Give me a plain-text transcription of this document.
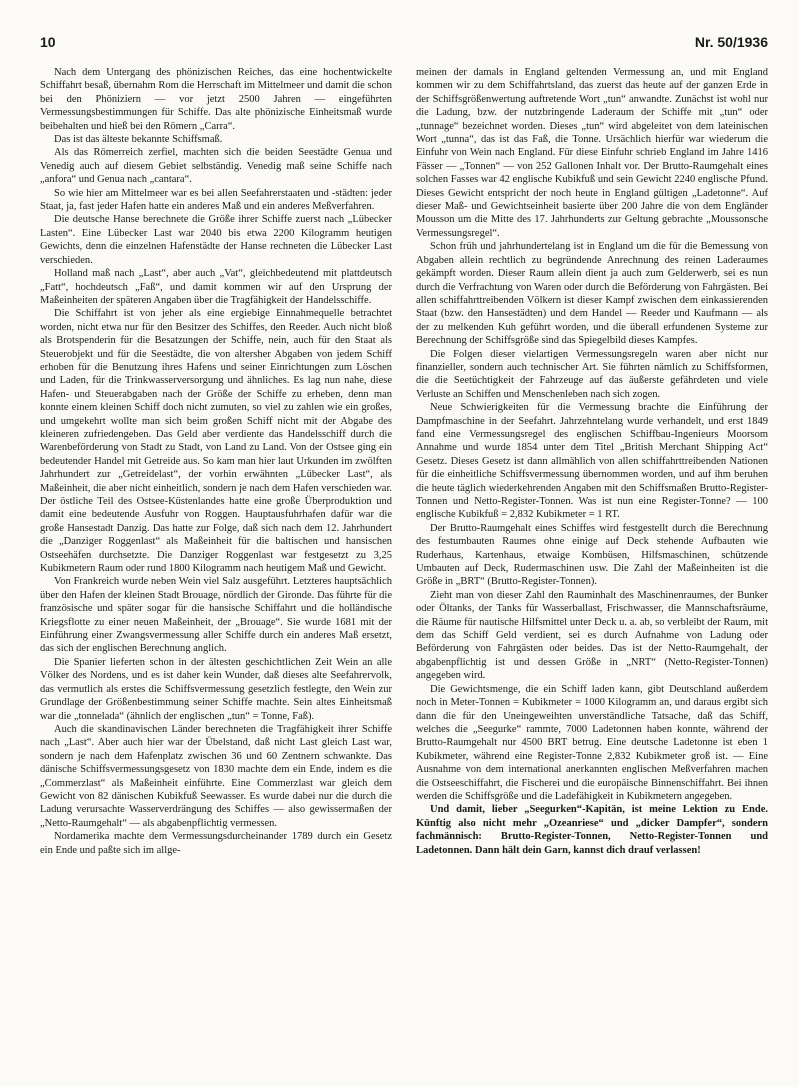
10	Nr. 50/1936

Nach dem Untergang des phönizischen Reiches, das eine hochentwickelte Schiffahrt besaß, übernahm Rom die Herrschaft im Mittelmeer und damit die schon bei den Phöniziern — vor jetzt 2500 Jahren — eingeführten Vermessungsbestimmungen für Schiffe. Das alte phönizische Einheitsmaß wurde beibehalten und hieß bei den Römern „Carra“.

Das ist das älteste bekannte Schiffsmaß.

Als das Römerreich zerfiel, machten sich die beiden Seestädte Genua und Venedig auch auf diesem Gebiet selbständig. Venedig maß seine Schiffe nach „anfora“ und Genua nach „cantara“.

So wie hier am Mittelmeer war es bei allen Seefahrerstaaten und -städten: jeder Staat, ja, fast jeder Hafen hatte ein anderes Maß und ein anderes Meßverfahren.

Die deutsche Hanse berechnete die Größe ihrer Schiffe zuerst nach „Lübecker Lasten“. Eine Lübecker Last war 2040 bis etwa 2200 Kilogramm heutigen Gewichts, denn die einzelnen Hafenstädte der Hanse rechneten die Lübecker Last verschieden.

Holland maß nach „Last“, aber auch „Vat“, gleichbedeutend mit plattdeutsch „Fatt“, hochdeutsch „Faß“, und damit kommen wir auf den Ursprung der Maßeinheiten der späteren Angaben über die Tragfähigkeit der Handelsschiffe.

Die Schiffahrt ist von jeher als eine ergiebige Einnahmequelle betrachtet worden, nicht etwa nur für den Besitzer des Schiffes, den Reeder. Auch nicht bloß als Brotspenderin für die Besatzungen der Schiffe, nein, auch für den Staat als Steuerobjekt und für die Seestädte, die von altersher Abgaben von jedem Schiff erhoben für die Benutzung ihres Hafens und seiner Einrichtungen zum Löschen und Laden, für die Trinkwasserversorgung und ähnliches. Es lag nun nahe, diese Hafen- und Steuerabgaben nach der Größe der Schiffe zu erheben, denn man konnte einem kleinen Schiff doch nicht zumuten, so viel zu zahlen wie ein großes, und umgekehrt wollte man sich beim großen Schiff nicht mit der Abgabe des kleineren zufriedengeben. Das Geld aber verdiente das Handelsschiff durch die Warenbeförderung von Stadt zu Stadt, von Land zu Land. Von der Ostsee ging ein bedeutender Handel mit Getreide aus. So kam man hier laut Urkunden im zwölften Jahrhundert zur „Getreidelast“, der vorhin erwähnten „Lübecker Last“, als Maßeinheit, die aber nicht einheitlich, sondern je nach dem Hafen verschieden war. Der östliche Teil des Ostsee-Küstenlandes hatte eine große Überproduktion und damit eine bedeutende Ausfuhr von Roggen. Hauptausfuhrhafen dafür war die große Hansestadt Danzig. Das hatte zur Folge, daß sich nach dem 12. Jahrhundert die „Danziger Roggenlast“ als Maßeinheit für die baltischen und hansischen Ostseehäfen durchsetzte. Die Danziger Roggenlast war festgesetzt zu 3,25 Kubikmetern Raum oder rund 1800 Kilogramm nach heutigem Maß und Gewicht.

Von Frankreich wurde neben Wein viel Salz ausgeführt. Letzteres hauptsächlich über den Hafen der kleinen Stadt Brouage, nördlich der Gironde. Das führte für die französische und später sogar für die hansische Schiffahrt und die holländische Kriegsflotte zu einer neuen Maßeinheit, der „Brouage“. Sie wurde 1681 mit der Einführung einer Zwangsvermessung aller Schiffe durch ein anderes Maß ersetzt, das sich der englischen Berechnung anglich.

Die Spanier lieferten schon in der ältesten geschichtlichen Zeit Wein an alle Völker des Nordens, und es ist daher kein Wunder, daß dieses alte Seefahrervolk, das vermutlich als erstes die Schiffsvermessung gesetzlich festlegte, den Wein zur Grundlage der Größenbestimmung seiner Schiffe machte. Sein altes Einheitsmaß war die „tonnelada“ (ähnlich der englischen „tun“ = Tonne, Faß).

Auch die skandinavischen Länder berechneten die Tragfähigkeit ihrer Schiffe nach „Last“. Aber auch hier war der Übelstand, daß nicht Last gleich Last war, sondern je nach dem Hafenplatz zwischen 36 und 60 Zentnern schwankte. Das dänische Schiffsvermessungsgesetz von 1830 machte dem ein Ende, indem es die „Commerzlast“ als Maßeinheit einführte. Eine Commerzlast war gleich dem Gewicht von 82 dänischen Kubikfuß Seewasser. Es wurde dabei nur die durch die Ladung verursachte Wasserverdrängung des Schiffes — also gewissermaßen der „Netto-Raumgehalt“ — als abgabenpflichtig vermessen.

Nordamerika machte dem Vermessungsdurcheinander 1789 durch ein Gesetz ein Ende und paßte sich im allge-

meinen der damals in England geltenden Vermessung an, und mit England kommen wir zu dem Schiffahrtsland, das zuerst das heute auf der ganzen Erde in der Schiffsgrößenwertung auftretende Wort „tun“ anwandte. Zunächst ist wohl nur die Ladung, bzw. der nutzbringende Laderaum der Schiffe mit „tun“ oder „tunnage“ bezeichnet worden. Dieses „tun“ wird abgeleitet von dem lateinischen Wort „tunna“, das ist das Faß, die Tonne. Ursächlich hierfür war wiederum die Einfuhr von Wein nach England. Für diese Einfuhr schrieb England im Jahre 1416 Fässer — „Tonnen“ — von 252 Gallonen Inhalt vor. Der Brutto-Raumgehalt eines solchen Fasses war 42 englische Kubikfuß und sein Gewicht 2240 englische Pfund. Dieses Gewicht entspricht der noch heute in England gültigen „Ladetonne“. Auf dieser Maß- und Gewichtseinheit basierte über 200 Jahre die von dem Engländer Mousson um die Mitte des 17. Jahrhunderts zur Geltung gebrachte „Moussonsche Vermessungsregel“.

Schon früh und jahrhundertelang ist in England um die für die Bemessung von Abgaben allein rechtlich zu begründende Anrechnung des reinen Laderaumes gekämpft worden. Dieser Raum allein dient ja auch zum Gelderwerb, sei es nun durch die Verfrachtung von Waren oder durch die Beförderung von Fahrgästen. Bei allen schiffahrttreibenden Völkern ist dieser Kampf zwischen dem einkassierenden Staat (bzw. den Hansestädten) und dem Handel — Reeder und Kaufmann — als der zu melkenden Kuh geführt worden, und die überall erfundenen Systeme zur Berechnung der Schiffsgröße sind das Spiegelbild dieses Kampfes.

Die Folgen dieser vielartigen Vermessungsregeln waren aber nicht nur finanzieller, sondern auch technischer Art. Sie führten nämlich zu Schiffsformen, die die Seetüchtigkeit der Fahrzeuge auf das äußerste gefährdeten und viele Verluste an Schiffen und Menschenleben nach sich zogen.

Neue Schwierigkeiten für die Vermessung brachte die Einführung der Dampfmaschine in der Seefahrt. Jahrzehntelang wurde verhandelt, und erst 1849 fand eine Vermessungsregel des englischen Schiffbau-Ingenieurs Moorsom Annahme und wurde 1854 unter dem Titel „British Merchant Shipping Act“ Gesetz. Dieses Gesetz ist dann allmählich von allen schiffahrttreibenden Nationen für die einheitliche Schiffsvermessung übernommen worden, und auf ihm beruhen die heute täglich wiederkehrenden Angaben mit den Schiffsmaßen Brutto-Register-Tonnen und Netto-Register-Tonnen. Was ist nun eine Register-Tonne? — 100 englische Kubikfuß = 2,832 Kubikmeter = 1 RT.

Der Brutto-Raumgehalt eines Schiffes wird festgestellt durch die Berechnung des festumbauten Raumes ohne einige auf Deck stehende Aufbauten wie Ruderhaus, Kartenhaus, etwaige Kombüsen, Hilfsmaschinen, schützende Umbauten auf Deck, Rudermaschinen usw. Die Zahl der Maßeinheiten ist die Größe in „BRT“ (Brutto-Register-Tonnen).

Zieht man von dieser Zahl den Rauminhalt des Maschinenraumes, der Bunker oder Öltanks, der Tanks für Wasserballast, Frischwasser, die Mannschaftsräume, die Räume für nautische Hilfsmittel unter Deck u. a. ab, so verbleibt der Raum, mit dem das Schiff Geld verdient, sei es durch Aufnahme von Ladung oder Beförderung von Fahrgästen oder beides. Das ist der Netto-Raumgehalt, der abgabenpflichtig ist und dessen Größe in „NRT“ (Netto-Register-Tonnen) angegeben wird.

Die Gewichtsmenge, die ein Schiff laden kann, gibt Deutschland außerdem noch in Meter-Tonnen = Kubikmeter = 1000 Kilogramm an, und daraus ergibt sich dann die für den Uneingeweihten unverständliche Tatsache, daß das Schiff, welches die „Seegurke“ rammte, 7000 Ladetonnen haben konnte, während der Brutto-Raumgehalt nur 4500 BRT betrug. Eine deutsche Ladetonne ist eben 1 Kubikmeter, während eine Register-Tonne 2,832 Kubikmeter groß ist. — Eine Ausnahme von dem international anerkannten englischen Meßverfahren machen die Ostseeschiffahrt, die Fischerei und die europäische Binnenschiffahrt. Bei ihnen werden die Schiffsgröße und die Ladefähigkeit in Kubikmetern angegeben.

Und damit, lieber „Seegurken“-Kapitän, ist meine Lektion zu Ende. Künftig also nicht mehr „Ozeanriese“ und „dicker Dampfer“, sondern fachmännisch: Brutto-Register-Tonnen, Netto-Register-Tonnen und Ladetonnen. Dann hält dein Garn, kannst dich drauf verlassen!
